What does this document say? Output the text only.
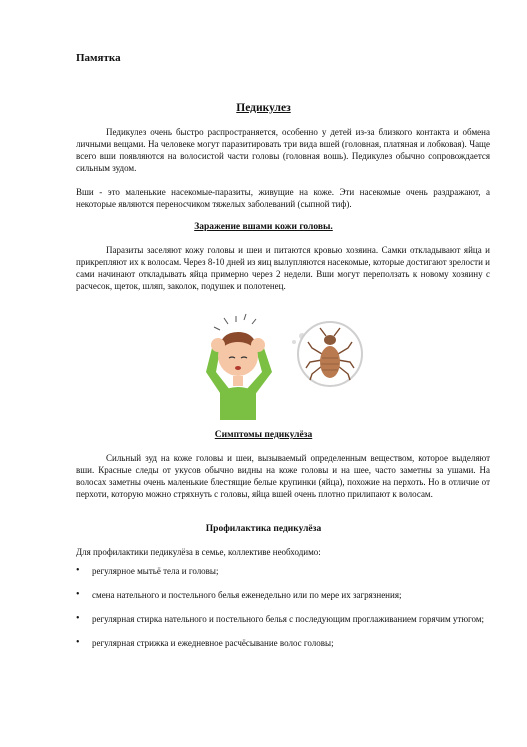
Памятка
Педикулез
Педикулез очень быстро распространяется, особенно у детей из-за близкого контакта и обмена личными вещами. На человеке могут паразитировать три вида вшей (головная, платяная и лобковая). Чаще всего вши появляются на волосистой части головы (головная вошь). Педикулез обычно сопровождается сильным зудом.
Вши - это маленькие насекомые-паразиты, живущие на коже. Эти насекомые очень раздражают, а некоторые являются переносчиком тяжелых заболеваний (сыпной тиф).
Заражение вшами кожи головы.
Паразиты заселяют кожу головы и шеи и питаются кровью хозяина. Самки откладывают яйца и прикрепляют их к волосам. Через 8-10 дней из яиц вылупляются насекомые, которые достигают зрелости и сами начинают откладывать яйца примерно через 2 недели. Вши могут переползать к новому хозяину с расчесок, щеток, шляп, заколок, подушек и полотенец.
Симптомы педикулёза
Сильный зуд на коже головы и шеи, вызываемый определенным веществом, которое выделяют вши. Красные следы от укусов обычно видны на коже головы и на шее, часто заметны за ушами. На волосах заметны очень маленькие блестящие белые крупинки (яйца), похожие на перхоть. Но в отличие от перхоти, которую можно стряхнуть с головы, яйца вшей очень плотно прилипают к волосам.
Профилактика педикулёза
Для профилактики педикулёза в семье, коллективе необходимо:
• регулярное мытьё тела и головы;
• смена нательного и постельного белья еженедельно или по мере их загрязнения;
• регулярная стирка нательного и постельного белья с последующим проглаживанием горячим утюгом;
• регулярная стрижка и ежедневное расчёсывание волос головы;
